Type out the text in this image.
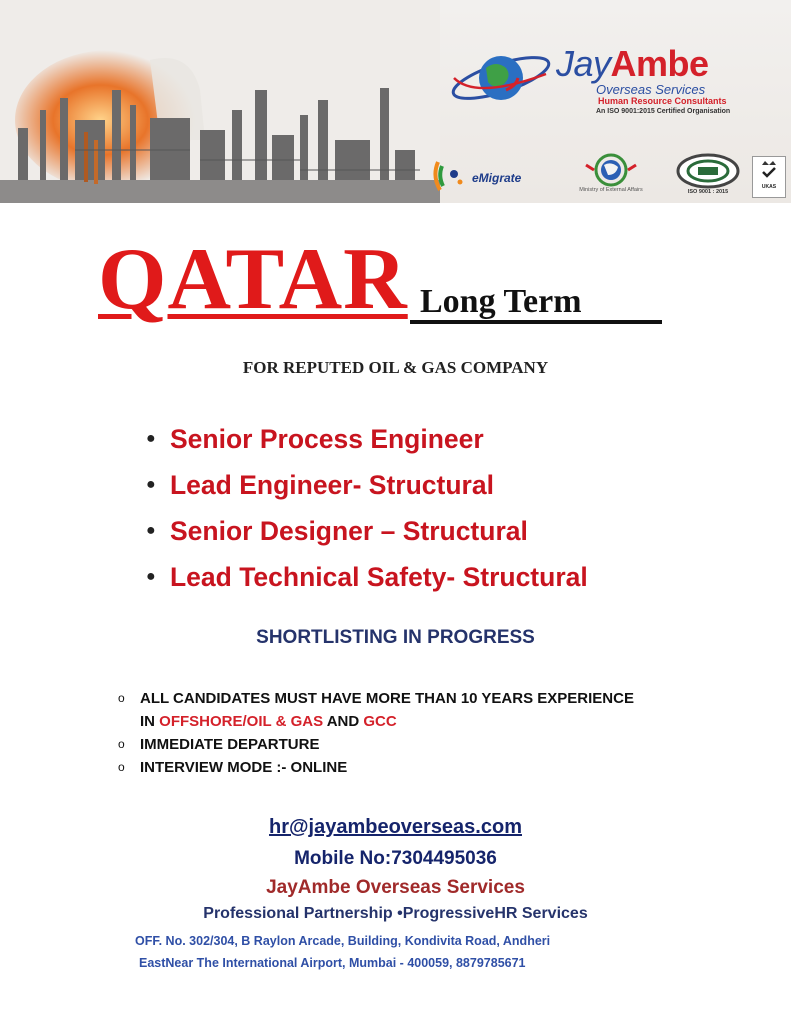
JayAmbe
Overseas Services
Human Resource Consultants
An ISO 9001:2015 Certified Organisation
eMigrate
Ministry of External Affairs	ISO 9001 : 2015
UKAS
QATAR Long Term
FOR REPUTED OIL & GAS COMPANY
● Senior Process Engineer
● Lead Engineer- Structural
● Senior Designer – Structural
● Lead Technical Safety- Structural
SHORTLISTING IN PROGRESS
o ALL CANDIDATES MUST HAVE MORE THAN 10 YEARS EXPERIENCE
IN OFFSHORE/OIL & GAS AND GCC
o IMMEDIATE DEPARTURE
o INTERVIEW MODE :- ONLINE
hr@jayambeoverseas.com
Mobile No:7304495036
JayAmbe Overseas Services
Professional Partnership •ProgressiveHR Services
OFF. No. 302/304, B Raylon Arcade, Building, Kondivita Road, Andheri
EastNear The International Airport, Mumbai - 400059, 8879785671
